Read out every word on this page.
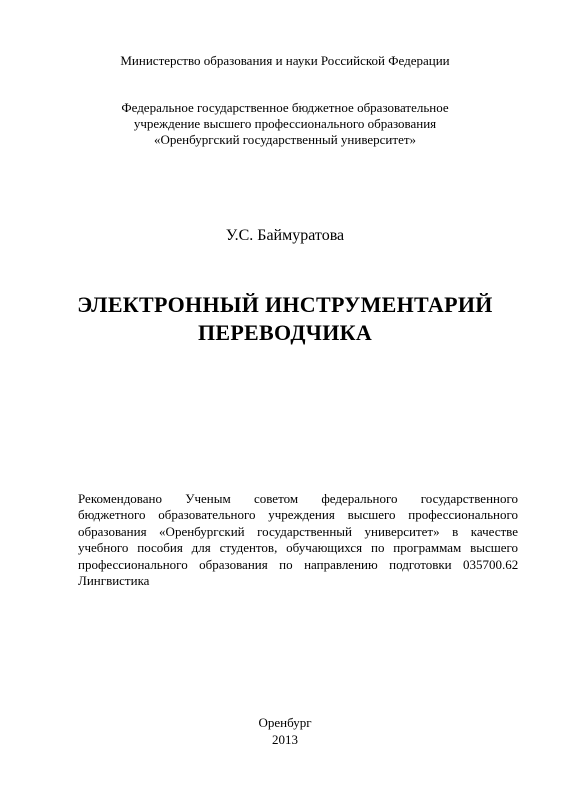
Министерство образования и науки Российской Федерации
Федеральное государственное бюджетное образовательное
учреждение высшего профессионального образования
«Оренбургский государственный университет»
У.С. Баймуратова
ЭЛЕКТРОННЫЙ ИНСТРУМЕНТАРИЙ
ПЕРЕВОДЧИКА
Рекомендовано Ученым советом федерального государственного
бюджетного образовательного учреждения высшего профессионального
образования «Оренбургский государственный университет» в качестве
учебного пособия для студентов, обучающихся по программам высшего
профессионального образования по направлению подготовки 035700.62
Лингвистика
Оренбург
2013
